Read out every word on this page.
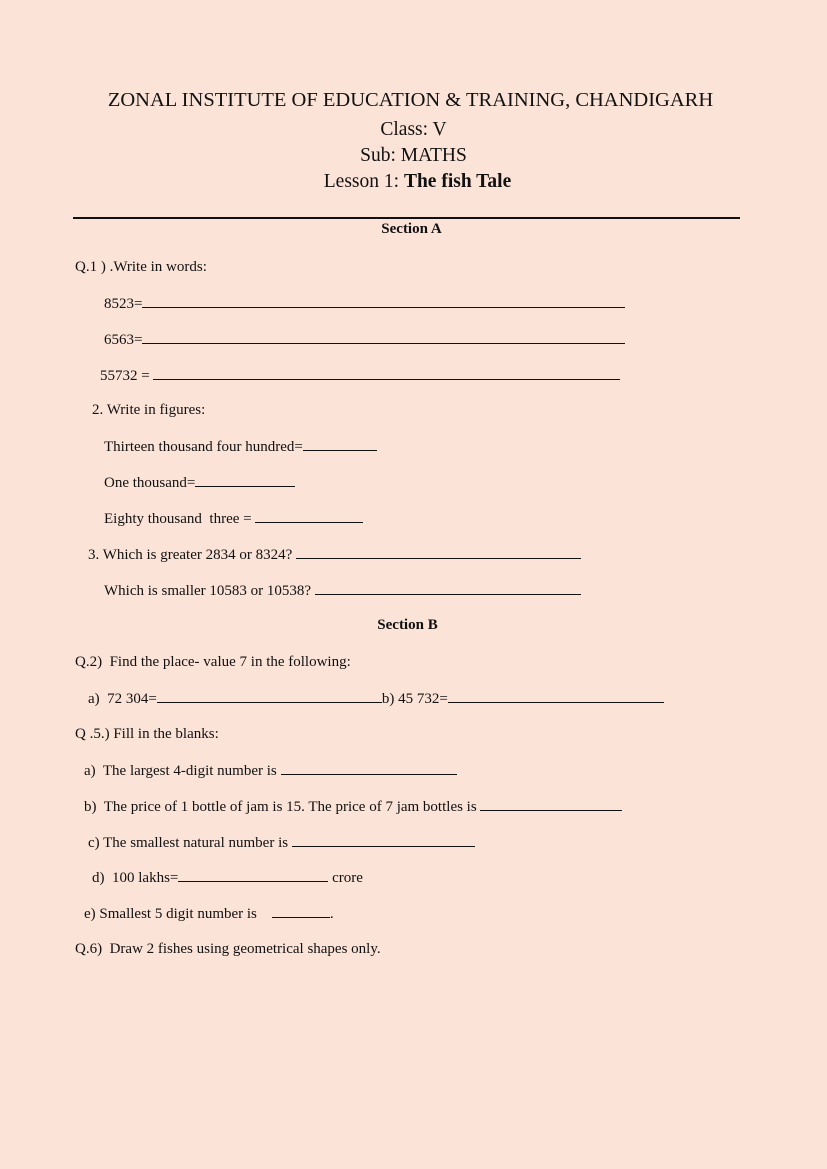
ZONAL INSTITUTE OF EDUCATION & TRAINING, CHANDIGARH
Class: V
Sub: MATHS
Lesson 1: The fish Tale
Section A
Q.1 ) .Write in words:
8523=
6563=
55732 =
2. Write in figures:
Thirteen thousand four hundred=
One thousand=
Eighty thousand  three =
3. Which is greater 2834 or 8324?
Which is smaller 10583 or 10538?
Section B
Q.2)  Find the place- value 7 in the following:
a)  72 304=	b) 45 732=
Q .5.) Fill in the blanks:
a)  The largest 4-digit number is
b)  The price of 1 bottle of jam is 15. The price of 7 jam bottles is
c) The smallest natural number is
d)  100 lakhs=	crore
e) Smallest 5 digit number is	.
Q.6)  Draw 2 fishes using geometrical shapes only.
